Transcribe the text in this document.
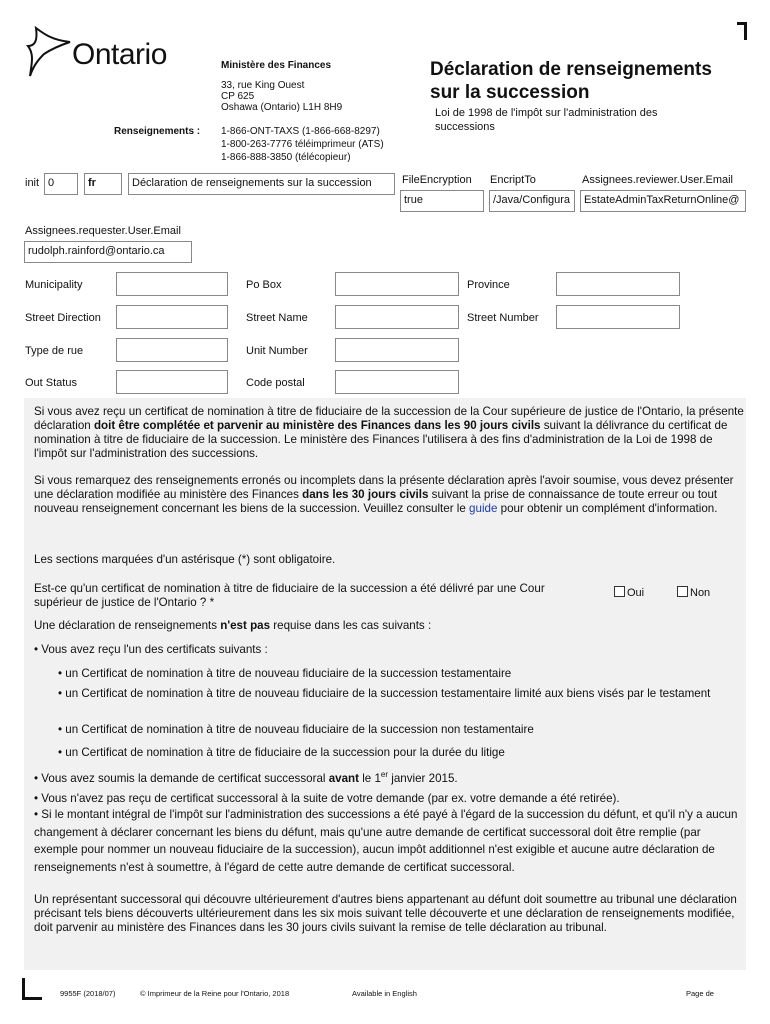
Ontario	Ministère des Finances
33, rue King Ouest
CP 625
Oshawa (Ontario) L1H 8H9
Renseignements : 1-866-ONT-TAXS (1-866-668-8297)
1-800-263-7776 téléimprimeur (ATS)
1-866-888-3850 (télécopieur)
Déclaration de renseignements
sur la succession
Loi de 1998 de l'impôt sur l'administration des
successions
init 0	fr	Déclaration de renseignements sur la succession	FileEncryption
true
EncriptTo
/Java/Configura
Assignees.reviewer.User.Email
EstateAdminTaxReturnOnline@
Assignees.requester.User.Email
rudolph.rainford@ontario.ca
Municipality	Po Box	Province
Street Direction	Street Name	Street Number
Type de rue	Unit Number
Out Status	Code postal
Si vous avez reçu un certificat de nomination à titre de fiduciaire de la succession de la Cour supérieure de justice de l'Ontario, la présente déclaration doit être complétée et parvenir au ministère des Finances dans les 90 jours civils suivant la délivrance du certificat de nomination à titre de fiduciaire de la succession. Le ministère des Finances l'utilisera à des fins d'administration de la Loi de 1998 de l'impôt sur l'administration des successions.
Si vous remarquez des renseignements erronés ou incomplets dans la présente déclaration après l'avoir soumise, vous devez présenter une déclaration modifiée au ministère des Finances dans les 30 jours civils suivant la prise de connaissance de toute erreur ou tout nouveau renseignement concernant les biens de la succession. Veuillez consulter le guide pour obtenir un complément d'information.
Les sections marquées d'un astérisque (*) sont obligatoire.
Est-ce qu'un certificat de nomination à titre de fiduciaire de la succession a été délivré par une Cour supérieur de justice de l'Ontario ? *
Oui	Non
Une déclaration de renseignements n'est pas requise dans les cas suivants :
• Vous avez reçu l'un des certificats suivants :
• un Certificat de nomination à titre de nouveau fiduciaire de la succession testamentaire
• un Certificat de nomination à titre de nouveau fiduciaire de la succession testamentaire limité aux biens visés par le testament
• un Certificat de nomination à titre de nouveau fiduciaire de la succession non testamentaire
• un Certificat de nomination à titre de fiduciaire de la succession pour la durée du litige
• Vous avez soumis la demande de certificat successoral avant le 1er janvier 2015.
• Vous n'avez pas reçu de certificat successoral à la suite de votre demande (par ex. votre demande a été retirée).
• Si le montant intégral de l'impôt sur l'administration des successions a été payé à l'égard de la succession du défunt, et qu'il n'y a aucun changement à déclarer concernant les biens du défunt, mais qu'une autre demande de certificat successoral doit être remplie (par exemple pour nommer un nouveau fiduciaire de la succession), aucun impôt additionnel n'est exigible et aucune autre déclaration de renseignements n'est à soumettre, à l'égard de cette autre demande de certificat successoral.
Un représentant successoral qui découvre ultérieurement d'autres biens appartenant au défunt doit soumettre au tribunal une déclaration précisant tels biens découverts ultérieurement dans les six mois suivant telle découverte et une déclaration de renseignements modifiée, doit parvenir au ministère des Finances dans les 30 jours civils suivant la remise de telle déclaration au tribunal.
9955F (2018/07)	© Imprimeur de la Reine pour l'Ontario, 2018	Available in English	Page de
